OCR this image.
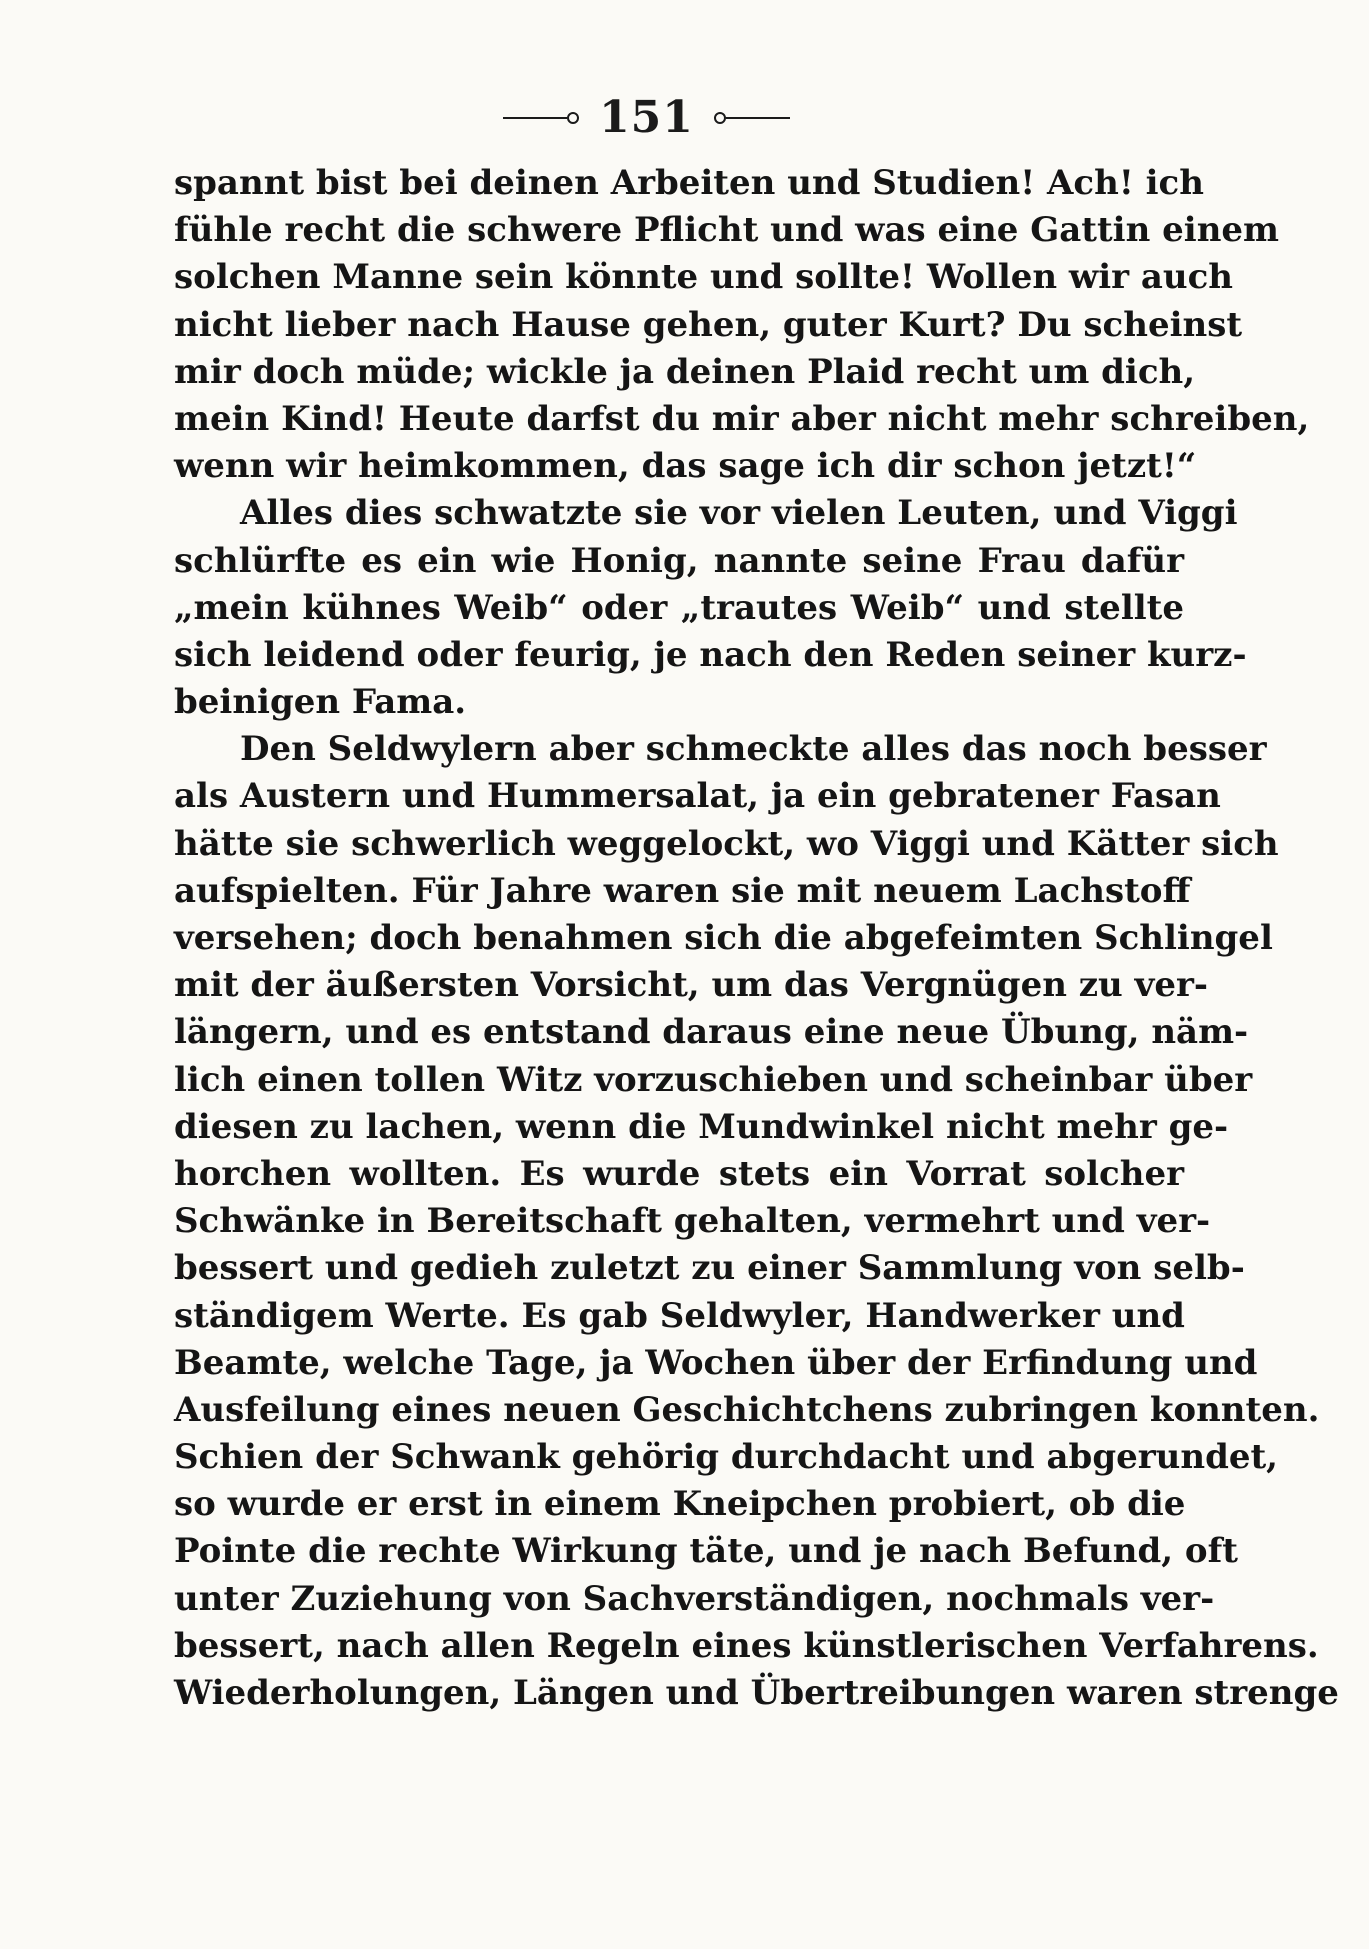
151
spannt bist bei deinen Arbeiten und Studien! Ach! ich
fühle recht die schwere Pflicht und was eine Gattin einem
solchen Manne sein könnte und sollte! Wollen wir auch
nicht lieber nach Hause gehen, guter Kurt? Du scheinst
mir doch müde; wickle ja deinen Plaid recht um dich,
mein Kind! Heute darfst du mir aber nicht mehr schreiben,
wenn wir heimkommen, das sage ich dir schon jetzt!“
Alles dies schwatzte sie vor vielen Leuten, und Viggi
schlürfte es ein wie Honig, nannte seine Frau dafür
„mein kühnes Weib“ oder „trautes Weib“ und stellte
sich leidend oder feurig, je nach den Reden seiner kurz-
beinigen Fama.
Den Seldwylern aber schmeckte alles das noch besser
als Austern und Hummersalat, ja ein gebratener Fasan
hätte sie schwerlich weggelockt, wo Viggi und Kätter sich
aufspielten. Für Jahre waren sie mit neuem Lachstoff
versehen; doch benahmen sich die abgefeimten Schlingel
mit der äußersten Vorsicht, um das Vergnügen zu ver-
längern, und es entstand daraus eine neue Übung, näm-
lich einen tollen Witz vorzuschieben und scheinbar über
diesen zu lachen, wenn die Mundwinkel nicht mehr ge-
horchen wollten. Es wurde stets ein Vorrat solcher
Schwänke in Bereitschaft gehalten, vermehrt und ver-
bessert und gedieh zuletzt zu einer Sammlung von selb-
ständigem Werte. Es gab Seldwyler, Handwerker und
Beamte, welche Tage, ja Wochen über der Erfindung und
Ausfeilung eines neuen Geschichtchens zubringen konnten.
Schien der Schwank gehörig durchdacht und abgerundet,
so wurde er erst in einem Kneipchen probiert, ob die
Pointe die rechte Wirkung täte, und je nach Befund, oft
unter Zuziehung von Sachverständigen, nochmals ver-
bessert, nach allen Regeln eines künstlerischen Verfahrens.
Wiederholungen, Längen und Übertreibungen waren strenge
